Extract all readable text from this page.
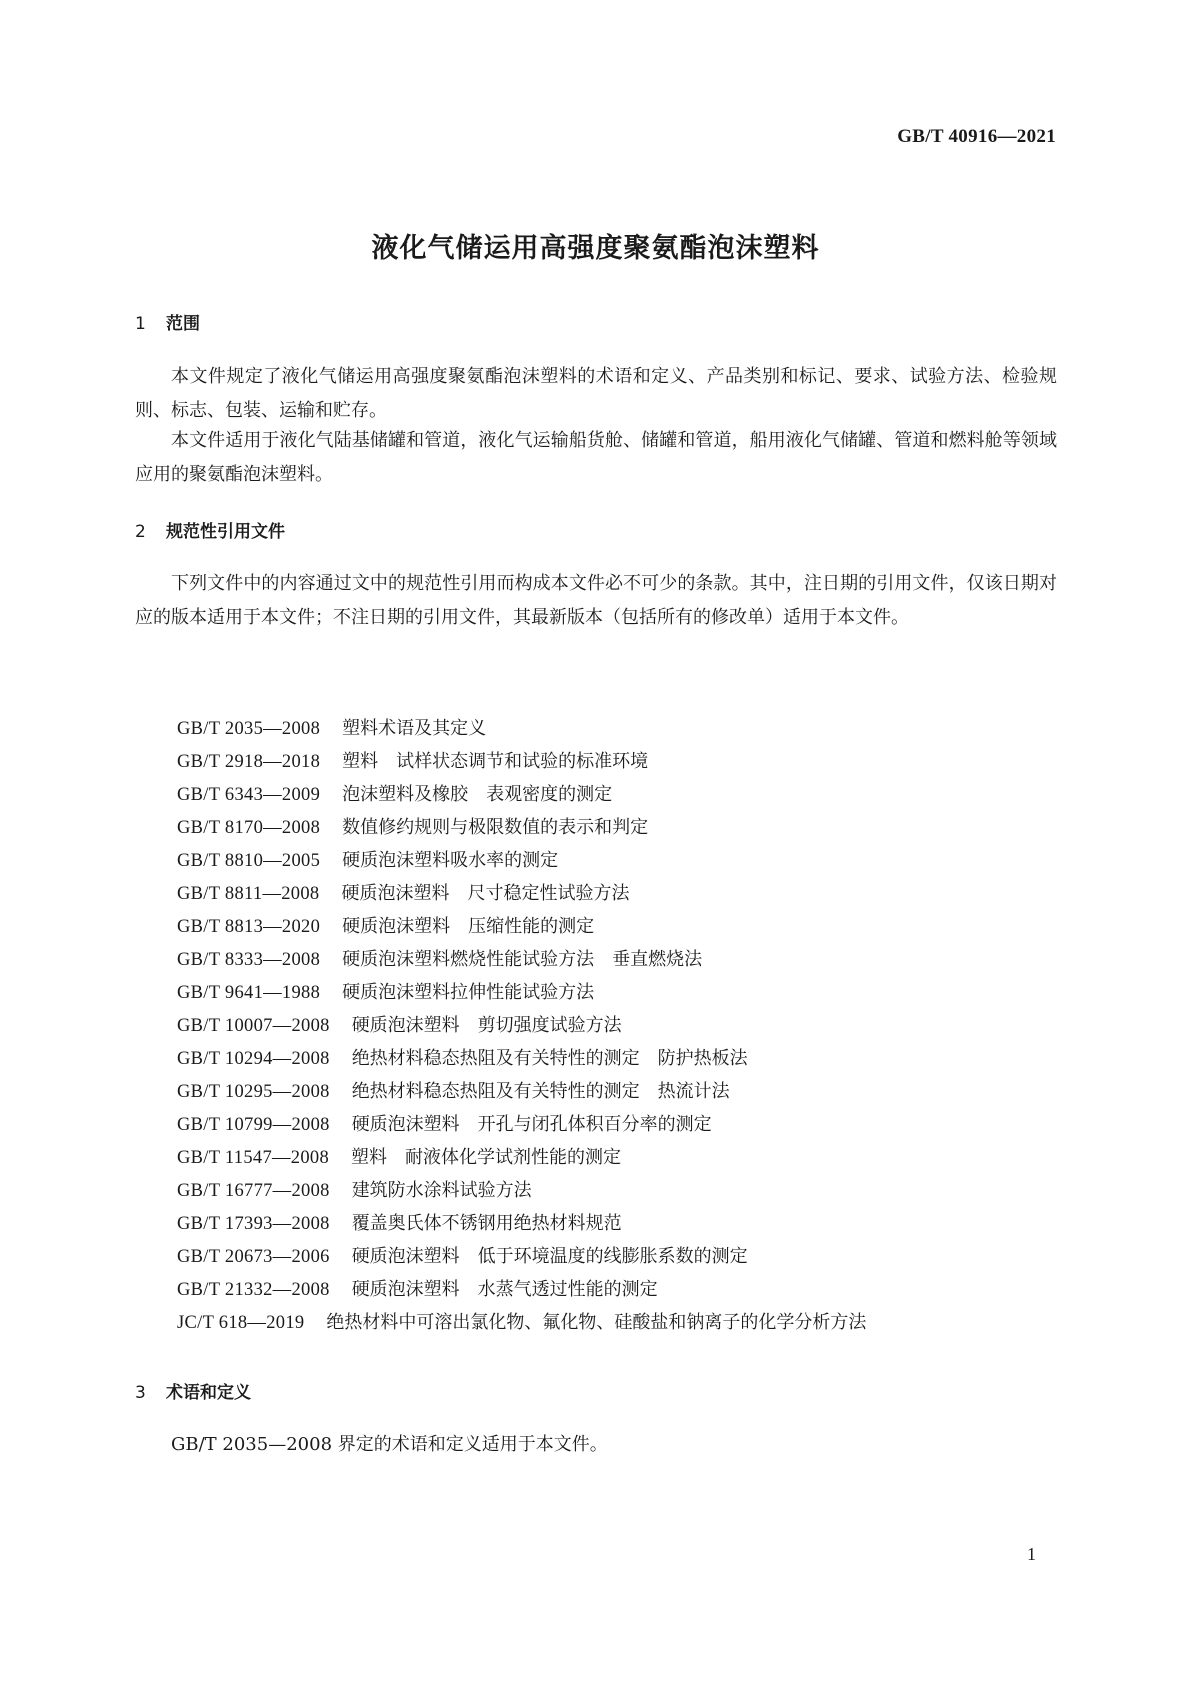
GB/T 40916—2021
液化气储运用高强度聚氨酯泡沫塑料
1 范围
本文件规定了液化气储运用高强度聚氨酯泡沫塑料的术语和定义、产品类别和标记、要求、试验方法、检验规则、标志、包装、运输和贮存。
本文件适用于液化气陆基储罐和管道，液化气运输船货舱、储罐和管道，船用液化气储罐、管道和燃料舱等领域应用的聚氨酯泡沫塑料。
2 规范性引用文件
下列文件中的内容通过文中的规范性引用而构成本文件必不可少的条款。其中，注日期的引用文件，仅该日期对应的版本适用于本文件；不注日期的引用文件，其最新版本（包括所有的修改单）适用于本文件。
GB/T 2035—2008 塑料术语及其定义
GB/T 2918—2018 塑料　试样状态调节和试验的标准环境
GB/T 6343—2009 泡沫塑料及橡胶　表观密度的测定
GB/T 8170—2008 数值修约规则与极限数值的表示和判定
GB/T 8810—2005 硬质泡沫塑料吸水率的测定
GB/T 8811—2008 硬质泡沫塑料　尺寸稳定性试验方法
GB/T 8813—2020 硬质泡沫塑料　压缩性能的测定
GB/T 8333—2008 硬质泡沫塑料燃烧性能试验方法　垂直燃烧法
GB/T 9641—1988 硬质泡沫塑料拉伸性能试验方法
GB/T 10007—2008 硬质泡沫塑料　剪切强度试验方法
GB/T 10294—2008 绝热材料稳态热阻及有关特性的测定　防护热板法
GB/T 10295—2008 绝热材料稳态热阻及有关特性的测定　热流计法
GB/T 10799—2008 硬质泡沫塑料　开孔与闭孔体积百分率的测定
GB/T 11547—2008 塑料　耐液体化学试剂性能的测定
GB/T 16777—2008 建筑防水涂料试验方法
GB/T 17393—2008 覆盖奥氏体不锈钢用绝热材料规范
GB/T 20673—2006 硬质泡沫塑料　低于环境温度的线膨胀系数的测定
GB/T 21332—2008 硬质泡沫塑料　水蒸气透过性能的测定
JC/T 618—2019 绝热材料中可溶出氯化物、氟化物、硅酸盐和钠离子的化学分析方法
3 术语和定义
GB/T 2035—2008 界定的术语和定义适用于本文件。
1
